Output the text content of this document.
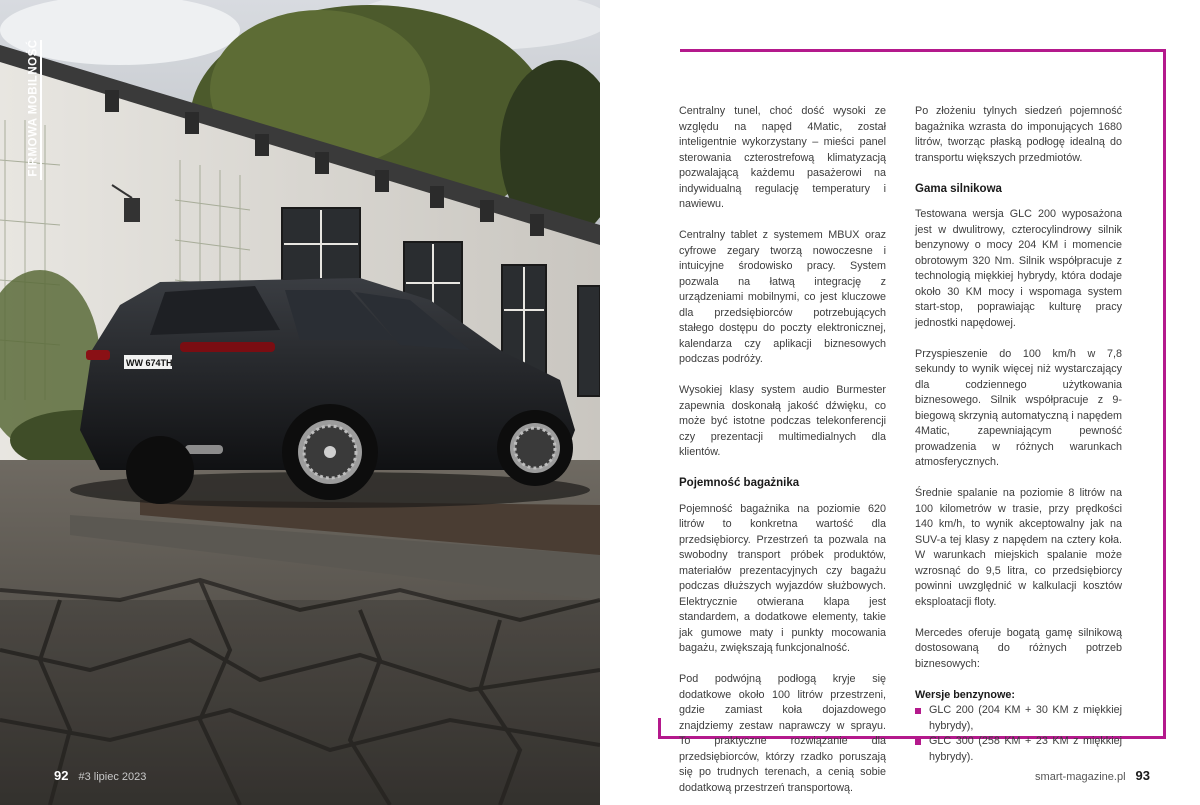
WW 674TH
FIRMOWA MOBILNOŚĆ
92 #3 lipiec 2023

Centralny tunel, choć dość wysoki ze względu na napęd 4Matic, został inteligentnie wykorzystany – mieści panel sterowania czterostrefową klimatyzacją pozwalającą każdemu pasażerowi na indywidualną regulację temperatury i nawiewu.

Centralny tablet z systemem MBUX oraz cyfrowe zegary tworzą nowoczesne i intuicyjne środowisko pracy. System pozwala na łatwą integrację z urządzeniami mobilnymi, co jest kluczowe dla przedsiębiorców potrzebujących stałego dostępu do poczty elektronicznej, kalendarza czy aplikacji biznesowych podczas podróży.

Wysokiej klasy system audio Burmester zapewnia doskonałą jakość dźwięku, co może być istotne podczas telekonferencji czy prezentacji multimedialnych dla klientów.

Pojemność bagażnika

Pojemność bagażnika na poziomie 620 litrów to konkretna wartość dla przedsiębiorcy. Przestrzeń ta pozwala na swobodny transport próbek produktów, materiałów prezentacyjnych czy bagażu podczas dłuższych wyjazdów służbowych. Elektrycznie otwierana klapa jest standardem, a dodatkowe elementy, takie jak gumowe maty i punkty mocowania bagażu, zwiększają funkcjonalność.

Pod podwójną podłogą kryje się dodatkowe około 100 litrów przestrzeni, gdzie zamiast koła dojazdowego znajdziemy zestaw naprawczy w sprayu. To praktyczne rozwiązanie dla przedsiębiorców, którzy rzadko poruszają się po trudnych terenach, a cenią sobie dodatkową przestrzeń transportową.

Po złożeniu tylnych siedzeń pojemność bagażnika wzrasta do imponujących 1680 litrów, tworząc płaską podłogę idealną do transportu większych przedmiotów.

Gama silnikowa

Testowana wersja GLC 200 wyposażona jest w dwulitrowy, czterocylindrowy silnik benzynowy o mocy 204 KM i momencie obrotowym 320 Nm. Silnik współpracuje z technologią miękkiej hybrydy, która dodaje około 30 KM mocy i wspomaga system start-stop, poprawiając kulturę pracy jednostki napędowej.

Przyspieszenie do 100 km/h w 7,8 sekundy to wynik więcej niż wystarczający dla codziennego użytkowania biznesowego. Silnik współpracuje z 9-biegową skrzynią automatyczną i napędem 4Matic, zapewniającym pewność prowadzenia w różnych warunkach atmosferycznych.

Średnie spalanie na poziomie 8 litrów na 100 kilometrów w trasie, przy prędkości 140 km/h, to wynik akceptowalny jak na SUV-a tej klasy z napędem na cztery koła. W warunkach miejskich spalanie może wzrosnąć do 9,5 litra, co przedsiębiorcy powinni uwzględnić w kalkulacji kosztów eksploatacji floty.

Mercedes oferuje bogatą gamę silnikową dostosowaną do różnych potrzeb biznesowych:

Wersje benzynowe:
GLC 200 (204 KM + 30 KM z miękkiej hybrydy),
GLC 300 (258 KM + 23 KM z miękkiej hybrydy).
smart-magazine.pl 93
